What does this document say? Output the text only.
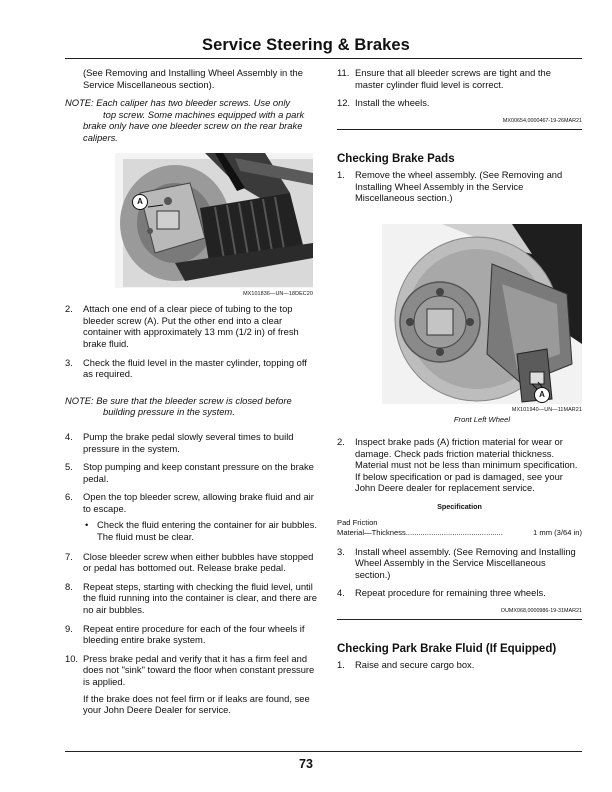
Service Steering & Brakes

(See Removing and Installing Wheel Assembly in the Service Miscellaneous section).

NOTE: Each caliper has two bleeder screws. Use only
top screw. Some machines equipped with a park brake only have one bleeder screw on the rear brake calipers.
A
MX101836—UN—18DEC20
2. Attach one end of a clear piece of tubing to the top bleeder screw (A). Put the other end into a clear container with approximately 13 mm (1/2 in) of fresh brake fluid.
3. Check the fluid level in the master cylinder, topping off as required.
NOTE: Be sure that the bleeder screw is closed before
building pressure in the system.
4. Pump the brake pedal slowly several times to build pressure in the system.
5. Stop pumping and keep constant pressure on the brake pedal.
6. Open the top bleeder screw, allowing brake fluid and air to escape.
• Check the fluid entering the container for air bubbles. The fluid must be clear.
7. Close bleeder screw when either bubbles have stopped or pedal has bottomed out. Release brake pedal.
8. Repeat steps, starting with checking the fluid level, until the fluid running into the container is clear, and there are no air bubbles.
9. Repeat entire procedure for each of the four wheels if bleeding entire brake system.
10. Press brake pedal and verify that it has a firm feel and does not "sink" toward the floor when constant pressure is applied.

If the brake does not feel firm or if leaks are found, see your John Deere Dealer for service.

11. Ensure that all bleeder screws are tight and the master cylinder fluid level is correct.
12. Install the wheels.
MX00654,0000467-19-26MAR21
Checking Brake Pads
1. Remove the wheel assembly. (See Removing and Installing Wheel Assembly in the Service Miscellaneous section.)
A
MX101940—UN—11MAR21
Front Left Wheel
2. Inspect brake pads (A) friction material for wear or damage. Check pads friction material thickness. Material must not be less than minimum specification. If below specification or pad is damaged, see your John Deere dealer for replacement service.
Specification
Pad Friction
Material—Thickness ..............................................	1 mm (3/64 in)
3. Install wheel assembly. (See Removing and Installing Wheel Assembly in the Service Miscellaneous section.)
4. Repeat procedure for remaining three wheels.
OUMX068,0000986-19-31MAR21
Checking Park Brake Fluid (If Equipped)
1. Raise and secure cargo box.
73
